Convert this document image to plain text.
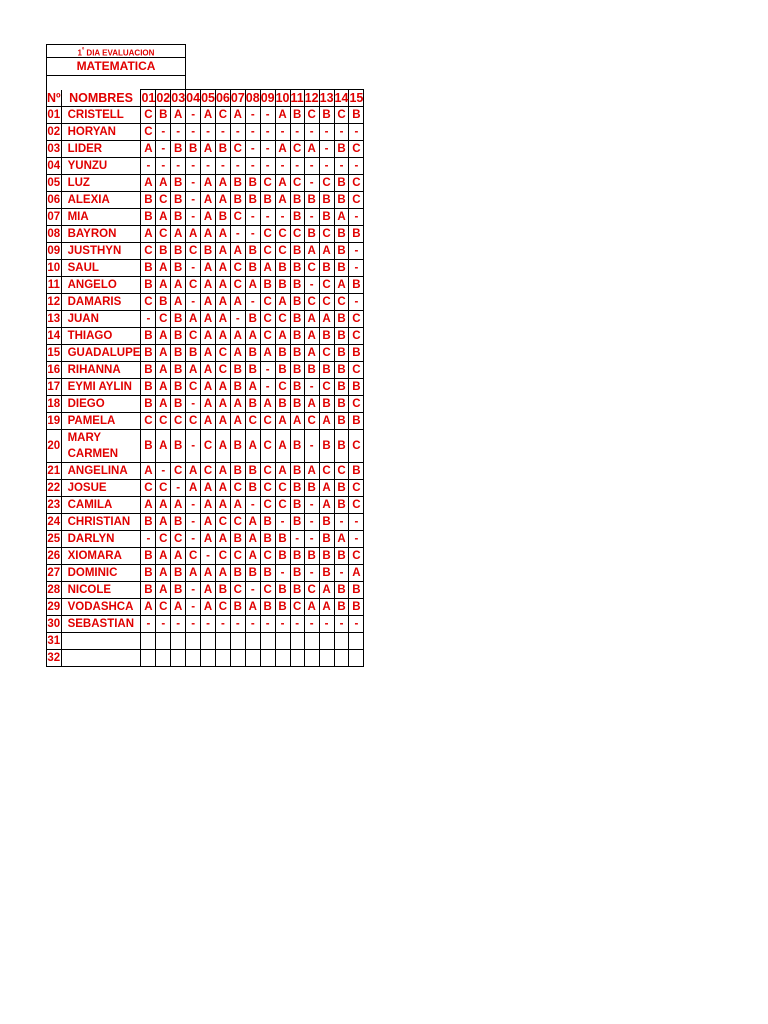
$1^º$ DIA EVALUACION
MATEMATICA
Nº	NOMBRES	01	02	03	04	05	06	07	08	09	10	11	12	13	14	15
01	CRISTELL	C	B	A	-	A	C	A	-	-	A	B	C	B	C	B
02	HORYAN	C	-	-	-	-	-	-	-	-	-	-	-	-	-	-
03	LIDER	A	-	B	B	A	B	C	-	-	A	C	A	-	B	C
04	YUNZU	-	-	-	-	-	-	-	-	-	-	-	-	-	-	-
05	LUZ	A	A	B	-	A	A	B	B	C	A	C	-	C	B	C
06	ALEXIA	B	C	B	-	A	A	B	B	B	A	B	B	B	B	C
07	MIA	B	A	B	-	A	B	C	-	-	-	B	-	B	A	-
08	BAYRON	A	C	A	A	A	A	-	-	C	C	C	B	C	B	B
09	JUSTHYN	C	B	B	C	B	A	A	B	C	C	B	A	A	B	-
10	SAUL	B	A	B	-	A	A	C	B	A	B	B	C	B	B	-
11	ANGELO	B	A	A	C	A	A	C	A	B	B	B	-	C	A	B
12	DAMARIS	C	B	A	-	A	A	A	-	C	A	B	C	C	C	-
13	JUAN	-	C	B	A	A	A	-	B	C	C	B	A	A	B	C
14	THIAGO	B	A	B	C	A	A	A	A	C	A	B	A	B	B	C
15	GUADALUPE	B	A	B	B	A	C	A	B	A	B	B	A	C	B	B
16	RIHANNA	B	A	B	A	A	C	B	B	-	B	B	B	B	B	C
17	EYMI AYLIN	B	A	B	C	A	A	B	A	-	C	B	-	C	B	B
18	DIEGO	B	A	B	-	A	A	A	B	A	B	B	A	B	B	C
19	PAMELA	C	C	C	C	A	A	A	C	C	A	A	C	A	B	B
20	MARY CARMEN	B	A	B	-	C	A	B	A	C	A	B	-	B	B	C
21	ANGELINA	A	-	C	A	C	A	B	B	C	A	B	A	C	C	B
22	JOSUE	C	C	-	A	A	A	C	B	C	C	B	B	A	B	C
23	CAMILA	A	A	A	-	A	A	A	-	C	C	B	-	A	B	C
24	CHRISTIAN	B	A	B	-	A	C	C	A	B	-	B	-	B	-	-
25	DARLYN	-	C	C	-	A	A	B	A	B	B	-	-	B	A	-
26	XIOMARA	B	A	A	C	-	C	C	A	C	B	B	B	B	B	C
27	DOMINIC	B	A	B	A	A	A	B	B	B	-	B	-	B	-	A
28	NICOLE	B	A	B	-	A	B	C	-	C	B	B	C	A	B	B
29	VODASHCA	A	C	A	-	A	C	B	A	B	B	C	A	A	B	B
30	SEBASTIAN	-	-	-	-	-	-	-	-	-	-	-	-	-	-	-
31																
32																
